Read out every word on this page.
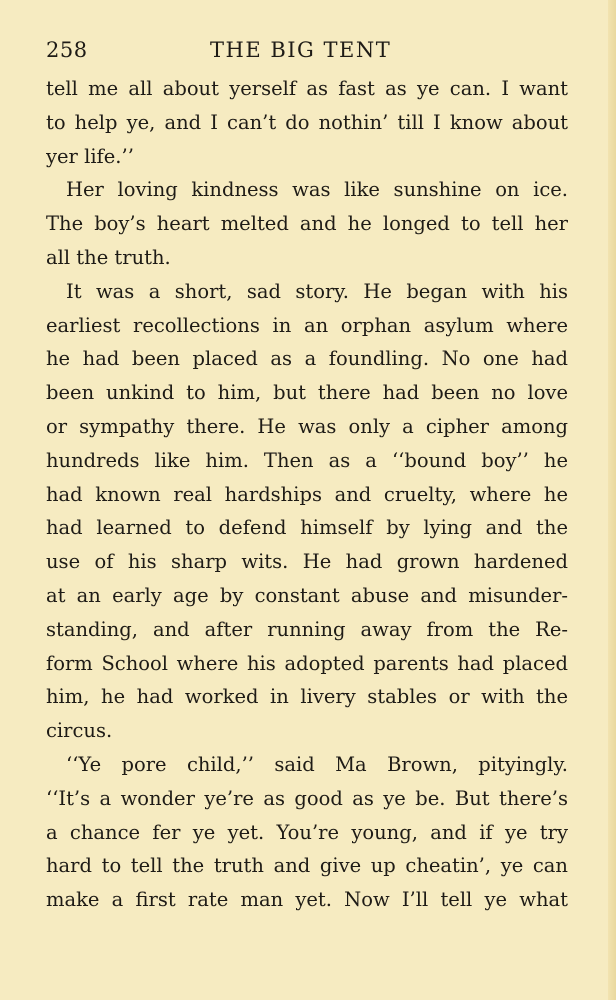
258	THE BIG TENT
tell me all about yerself as fast as ye can. I want
to help ye, and I can’t do nothin’ till I know about
yer life.’’
Her loving kindness was like sunshine on ice.
The boy’s heart melted and he longed to tell her
all the truth.
It was a short, sad story. He began with his
earliest recollections in an orphan asylum where
he had been placed as a foundling. No one had
been unkind to him, but there had been no love
or sympathy there. He was only a cipher among
hundreds like him. Then as a ‘‘bound boy’’ he
had known real hardships and cruelty, where he
had learned to defend himself by lying and the
use of his sharp wits. He had grown hardened
at an early age by constant abuse and misunder-
standing, and after running away from the Re-
form School where his adopted parents had placed
him, he had worked in livery stables or with the
circus.
‘‘Ye pore child,’’ said Ma Brown, pityingly.
‘‘It’s a wonder ye’re as good as ye be. But there’s
a chance fer ye yet. You’re young, and if ye try
hard to tell the truth and give up cheatin’, ye can
make a first rate man yet. Now I’ll tell ye what
